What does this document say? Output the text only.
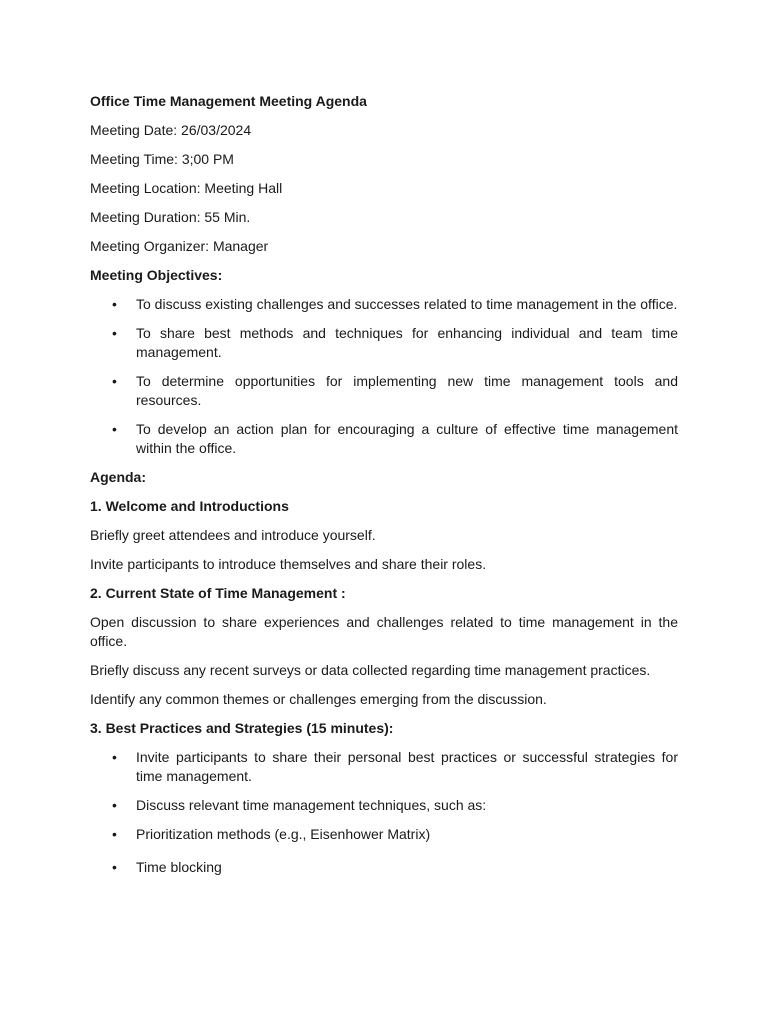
Office Time Management Meeting Agenda
Meeting Date: 26/03/2024
Meeting Time: 3;00 PM
Meeting Location: Meeting Hall
Meeting Duration: 55 Min.
Meeting Organizer: Manager
Meeting Objectives:
• To discuss existing challenges and successes related to time management in the office.
• To share best methods and techniques for enhancing individual and team time management.
• To determine opportunities for implementing new time management tools and resources.
• To develop an action plan for encouraging a culture of effective time management within the office.
Agenda:
1. Welcome and Introductions
Briefly greet attendees and introduce yourself.
Invite participants to introduce themselves and share their roles.
2. Current State of Time Management :
Open discussion to share experiences and challenges related to time management in the office.
Briefly discuss any recent surveys or data collected regarding time management practices.
Identify any common themes or challenges emerging from the discussion.
3. Best Practices and Strategies (15 minutes):
• Invite participants to share their personal best practices or successful strategies for time management.
• Discuss relevant time management techniques, such as:
• Prioritization methods (e.g., Eisenhower Matrix)
• Time blocking
